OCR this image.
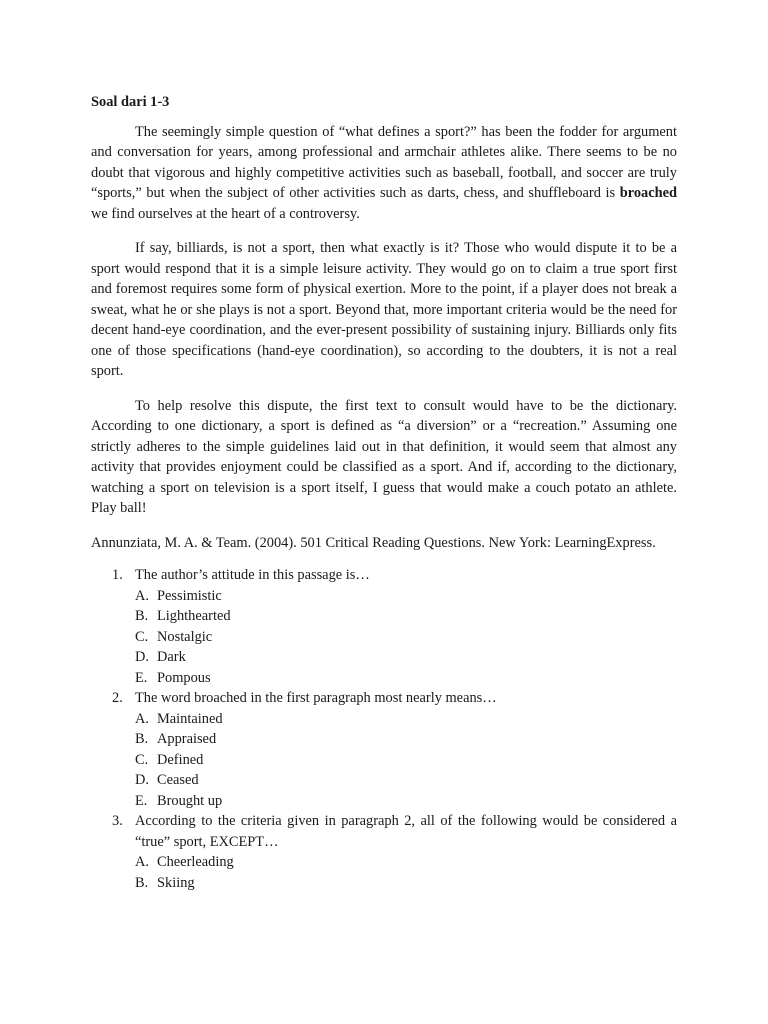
Soal dari 1-3

The seemingly simple question of “what defines a sport?” has been the fodder for argument and conversation for years, among professional and armchair athletes alike. There seems to be no doubt that vigorous and highly competitive activities such as baseball, football, and soccer are truly “sports,” but when the subject of other activities such as darts, chess, and shuffleboard is broached we find ourselves at the heart of a controversy.

If say, billiards, is not a sport, then what exactly is it? Those who would dispute it to be a sport would respond that it is a simple leisure activity. They would go on to claim a true sport first and foremost requires some form of physical exertion. More to the point, if a player does not break a sweat, what he or she plays is not a sport. Beyond that, more important criteria would be the need for decent hand-eye coordination, and the ever-present possibility of sustaining injury. Billiards only fits one of those specifications (hand-eye coordination), so according to the doubters, it is not a real sport.

To help resolve this dispute, the first text to consult would have to be the dictionary. According to one dictionary, a sport is defined as “a diversion” or a “recreation.” Assuming one strictly adheres to the simple guidelines laid out in that definition, it would seem that almost any activity that provides enjoyment could be classified as a sport. And if, according to the dictionary, watching a sport on television is a sport itself, I guess that would make a couch potato an athlete. Play ball!

Annunziata, M. A. & Team. (2004). 501 Critical Reading Questions. New York: LearningExpress.

1. The author’s attitude in this passage is…
A. Pessimistic
B. Lighthearted
C. Nostalgic
D. Dark
E. Pompous
2. The word broached in the first paragraph most nearly means…
A. Maintained
B. Appraised
C. Defined
D. Ceased
E. Brought up
3. According to the criteria given in paragraph 2, all of the following would be considered a “true” sport, EXCEPT…
A. Cheerleading
B. Skiing
